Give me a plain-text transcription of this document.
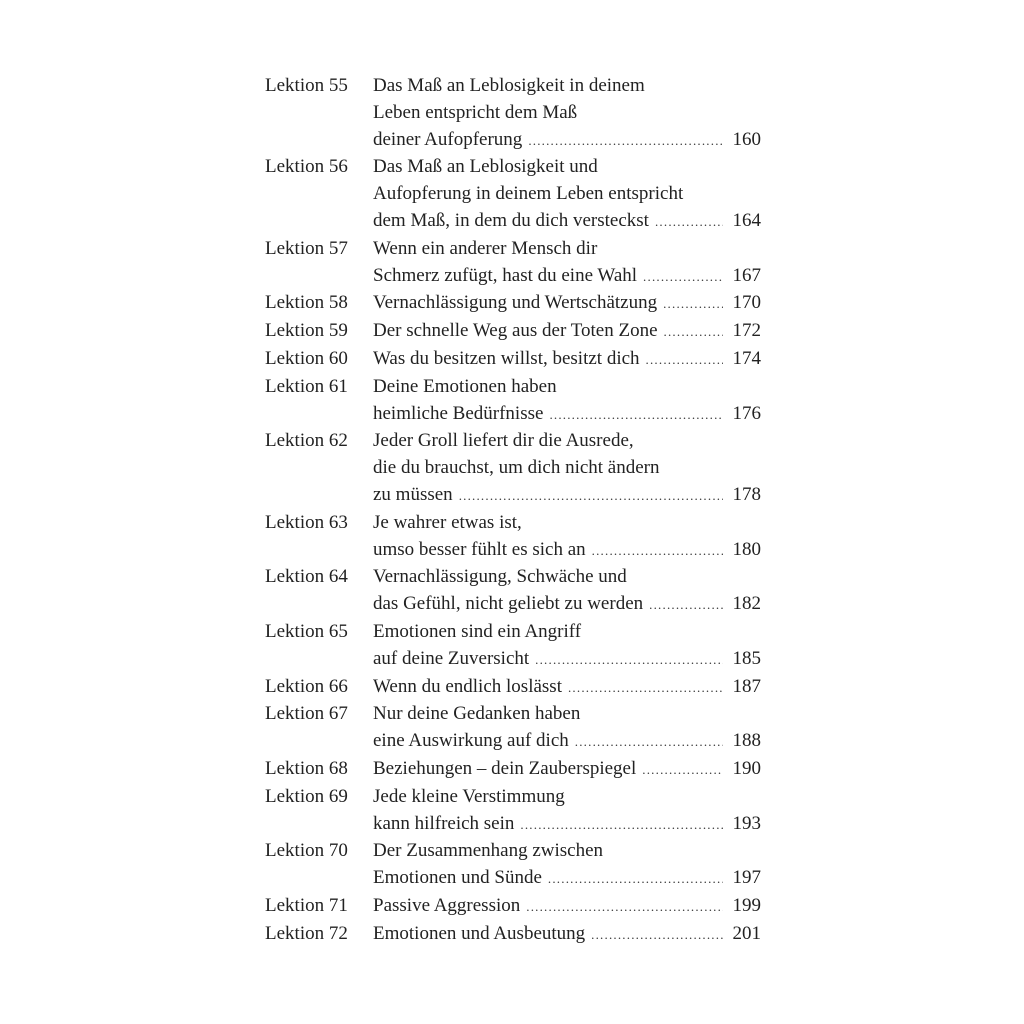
Lektion 55	Das Maß an Leblosigkeit in deinem
Leben entspricht dem Maß
deiner Aufopferung .....	160
Lektion 56	Das Maß an Leblosigkeit und
Aufopferung in deinem Leben entspricht
dem Maß, in dem du dich versteckst .....	164
Lektion 57	Wenn ein anderer Mensch dir
Schmerz zufügt, hast du eine Wahl .....	167
Lektion 58	Vernachlässigung und Wertschätzung .....	170
Lektion 59	Der schnelle Weg aus der Toten Zone .....	172
Lektion 60	Was du besitzen willst, besitzt dich .....	174
Lektion 61	Deine Emotionen haben
heimliche Bedürfnisse .....	176
Lektion 62	Jeder Groll liefert dir die Ausrede,
die du brauchst, um dich nicht ändern
zu müssen .....	178
Lektion 63	Je wahrer etwas ist,
umso besser fühlt es sich an .....	180
Lektion 64	Vernachlässigung, Schwäche und
das Gefühl, nicht geliebt zu werden .....	182
Lektion 65	Emotionen sind ein Angriff
auf deine Zuversicht .....	185
Lektion 66	Wenn du endlich loslässt .....	187
Lektion 67	Nur deine Gedanken haben
eine Auswirkung auf dich .....	188
Lektion 68	Beziehungen – dein Zauberspiegel .....	190
Lektion 69	Jede kleine Verstimmung
kann hilfreich sein .....	193
Lektion 70	Der Zusammenhang zwischen
Emotionen und Sünde .....	197
Lektion 71	Passive Aggression .....	199
Lektion 72	Emotionen und Ausbeutung .....	201
